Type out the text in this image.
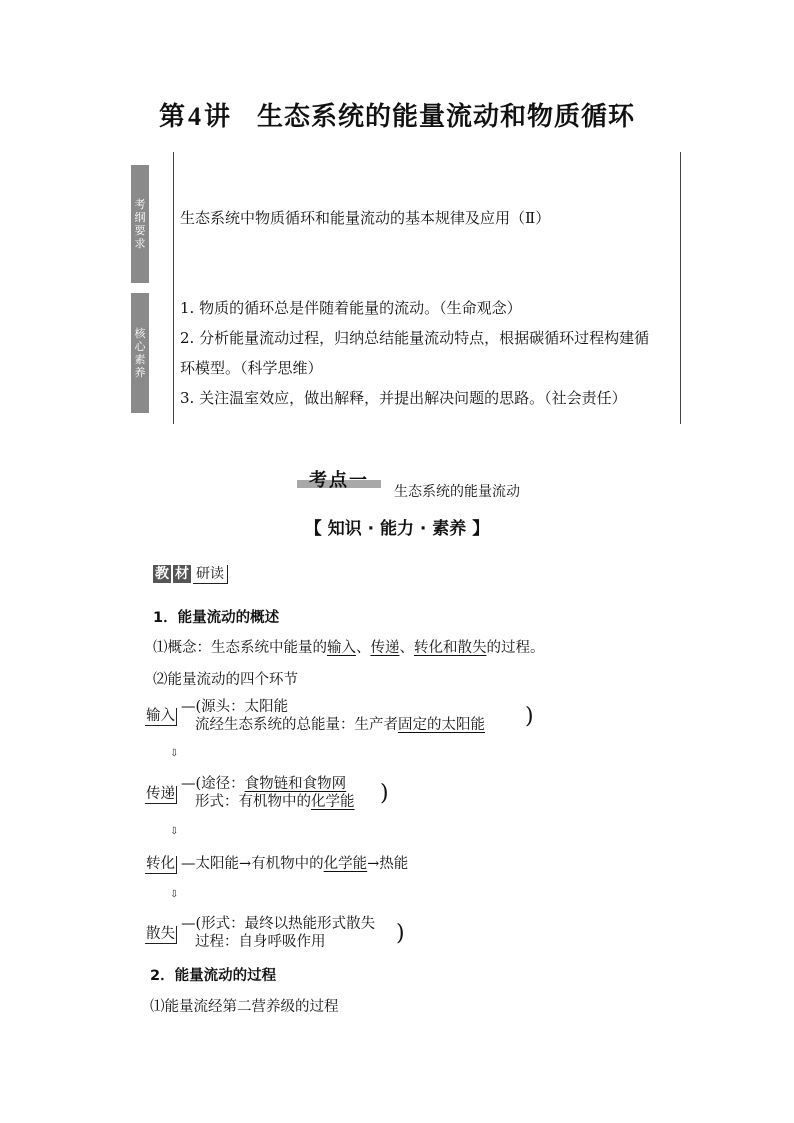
第4讲 生态系统的能量流动和物质循环
考纲要求
生态系统中物质循环和能量流动的基本规律及应用（Ⅱ）
核心素养
1. 物质的循环总是伴随着能量的流动。（生命观念）
2. 分析能量流动过程，归纳总结能量流动特点，根据碳循环过程构建循
环模型。（科学思维）
3. 关注温室效应，做出解释，并提出解决问题的思路。（社会责任）
考点一
生态系统的能量流动
【 知识 · 能力 · 素养 】
教 材 研读
1．能量流动的概述
⑴概念：生态系统中能量的输入、传递、转化和散失的过程。
⑵能量流动的四个环节
输入
—(源头：太阳能
流经生态系统的总能量：生产者固定的太阳能 )
⇩
传递
—(途径：食物链和食物网
形式：有机物中的化学能 )
⇩
转化 —太阳能→有机物中的化学能→热能
⇩
散失
—(形式：最终以热能形式散失
过程：自身呼吸作用	)
2．能量流动的过程
⑴能量流经第二营养级的过程
